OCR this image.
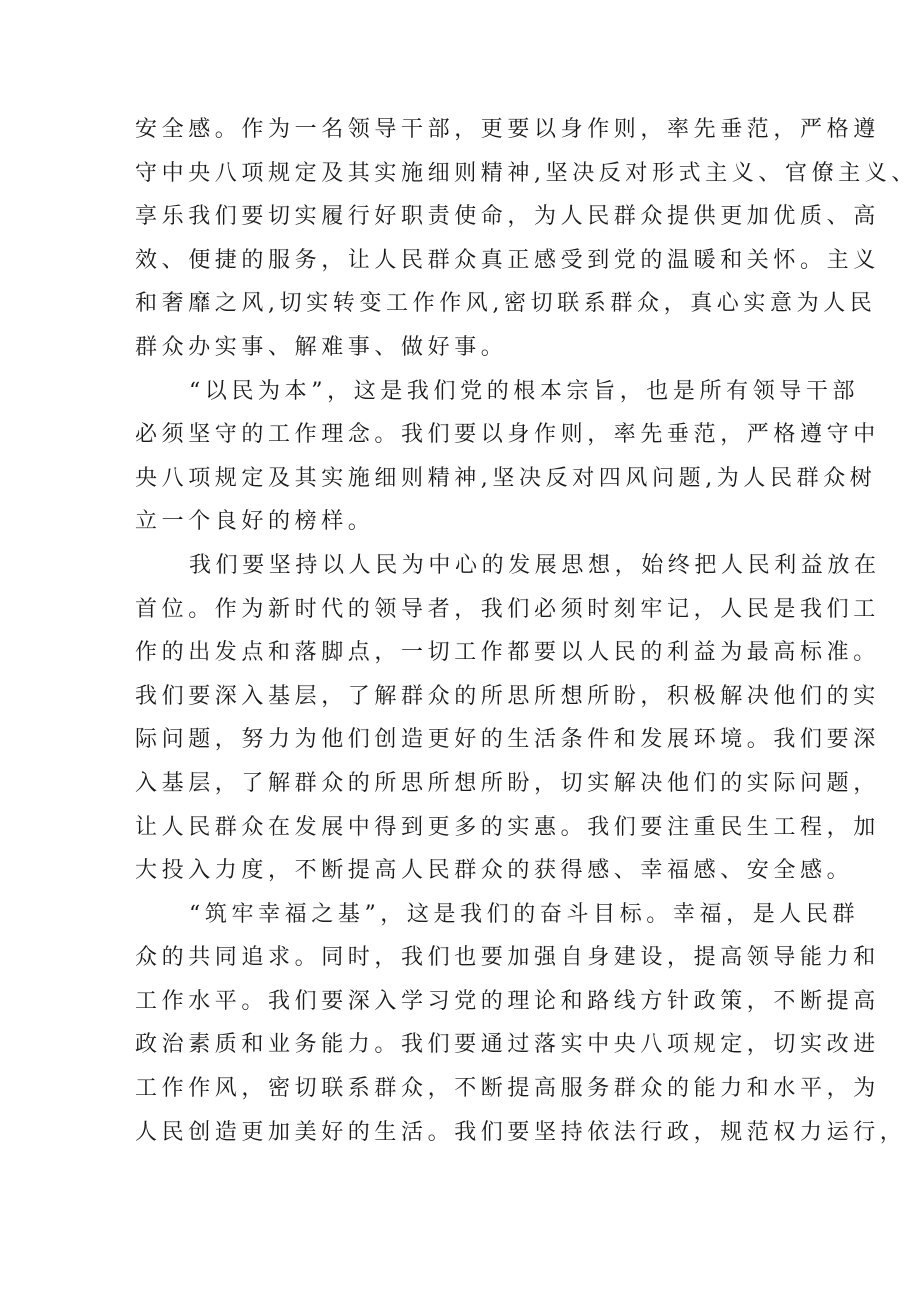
安全感。作为一名领导干部，更要以身作则，率先垂范，严格遵
守中央八项规定及其实施细则精神,坚决反对形式主义、官僚主义、
享乐我们要切实履行好职责使命，为人民群众提供更加优质、高
效、便捷的服务，让人民群众真正感受到党的温暖和关怀。主义
和奢靡之风,切实转变工作作风,密切联系群众，真心实意为人民
群众办实事、解难事、做好事。

“以民为本”，这是我们党的根本宗旨，也是所有领导干部
必须坚守的工作理念。我们要以身作则，率先垂范，严格遵守中
央八项规定及其实施细则精神,坚决反对四风问题,为人民群众树
立一个良好的榜样。

我们要坚持以人民为中心的发展思想，始终把人民利益放在
首位。作为新时代的领导者，我们必须时刻牢记，人民是我们工
作的出发点和落脚点，一切工作都要以人民的利益为最高标准。
我们要深入基层，了解群众的所思所想所盼，积极解决他们的实
际问题，努力为他们创造更好的生活条件和发展环境。我们要深
入基层，了解群众的所思所想所盼，切实解决他们的实际问题，
让人民群众在发展中得到更多的实惠。我们要注重民生工程，加
大投入力度，不断提高人民群众的获得感、幸福感、安全感。

“筑牢幸福之基”，这是我们的奋斗目标。幸福，是人民群
众的共同追求。同时，我们也要加强自身建设，提高领导能力和
工作水平。我们要深入学习党的理论和路线方针政策，不断提高
政治素质和业务能力。我们要通过落实中央八项规定，切实改进
工作作风，密切联系群众，不断提高服务群众的能力和水平，为
人民创造更加美好的生活。我们要坚持依法行政，规范权力运行，
